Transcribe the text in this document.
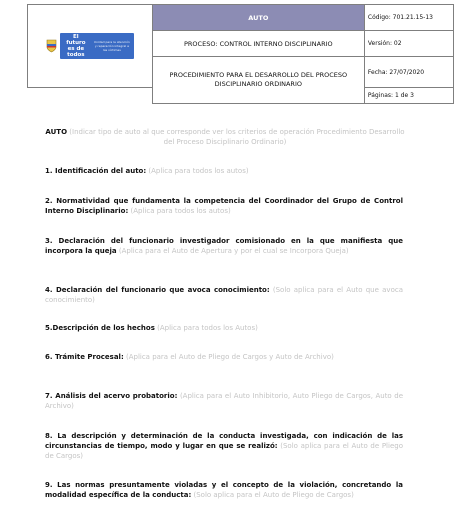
El futuro es de todos
Unidad para la atención y reparación integral a las víctimas	AUTO	Código: 701.21.15-13
	PROCESO: CONTROL INTERNO DISCIPLINARIO	Versión: 02
	PROCEDIMIENTO PARA EL DESARROLLO DEL PROCESO DISCIPLINARIO ORDINARIO	Fecha: 27/07/2020
		Páginas: 1 de 3

AUTO (Indicar tipo de auto al que corresponde ver los criterios de operación Procedimiento Desarrollo del Proceso Disciplinario Ordinario)

1. Identificación del auto: (Aplica para todos los autos)
2. Normatividad que fundamenta la competencia del Coordinador del Grupo de Control Interno Disciplinario: (Aplica para todos los autos)
3. Declaración del funcionario investigador comisionado en la que manifiesta que incorpora la queja (Aplica para el Auto de Apertura y por el cual se Incorpora Queja)
4. Declaración del funcionario que avoca conocimiento: (Solo aplica para el Auto que avoca conocimiento)
5.Descripción de los hechos (Aplica para todos los Autos)
6. Trámite Procesal: (Aplica para el Auto de Pliego de Cargos y Auto de Archivo)
7. Análisis del acervo probatorio: (Aplica para el Auto Inhibitorio, Auto Pliego de Cargos, Auto de Archivo)
8. La descripción y determinación de la conducta investigada, con indicación de las circunstancias de tiempo, modo y lugar en que se realizó: (Solo aplica para el Auto de Pliego de Cargos)
9. Las normas presuntamente violadas y el concepto de la violación, concretando la modalidad específica de la conducta: (Solo aplica para el Auto de Pliego de Cargos)
